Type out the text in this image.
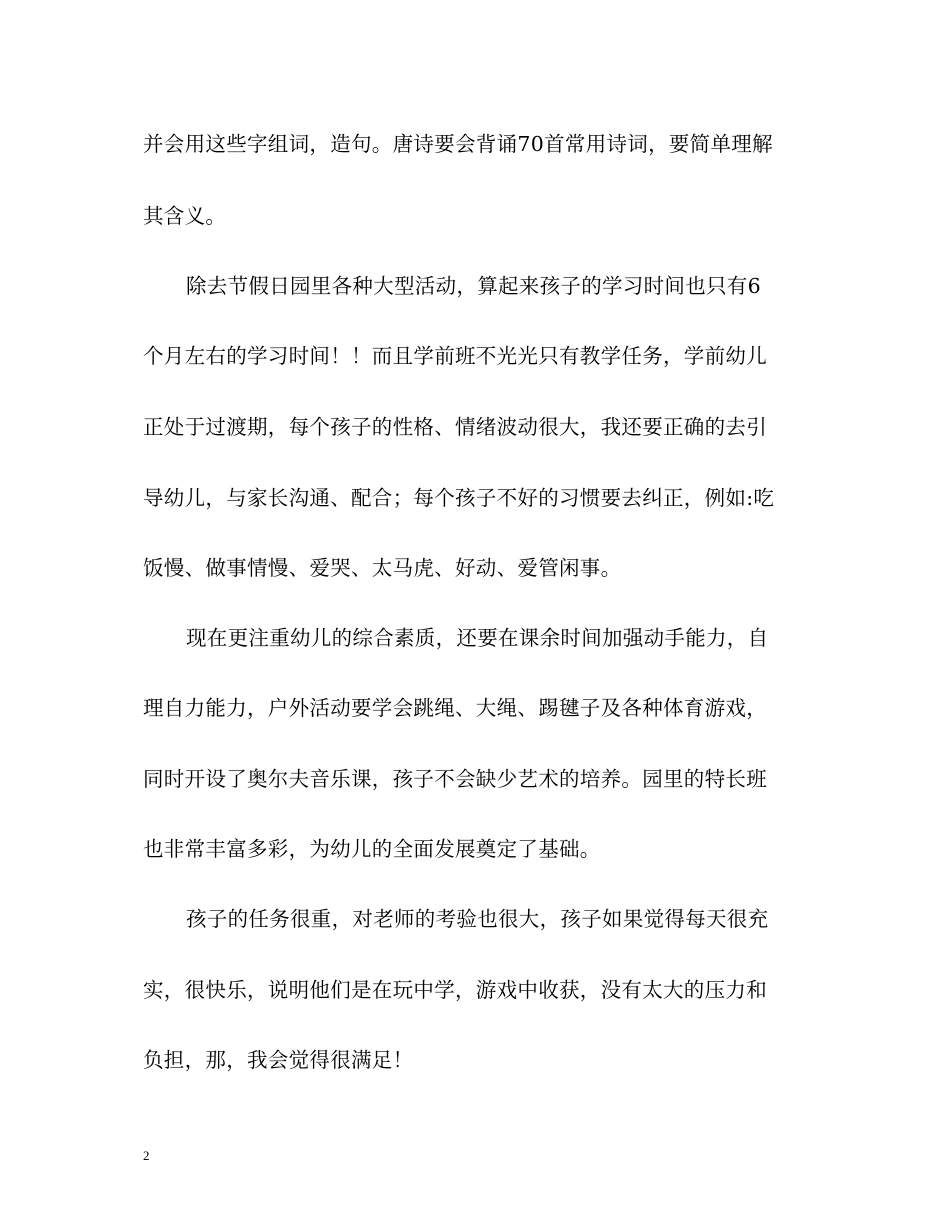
并会用这些字组词，造句。唐诗要会背诵70首常用诗词，要简单理解

其含义。

除去节假日园里各种大型活动，算起来孩子的学习时间也只有6

个月左右的学习时间！！而且学前班不光光只有教学任务，学前幼儿

正处于过渡期，每个孩子的性格、情绪波动很大，我还要正确的去引

导幼儿，与家长沟通、配合；每个孩子不好的习惯要去纠正，例如:吃

饭慢、做事情慢、爱哭、太马虎、好动、爱管闲事。

现在更注重幼儿的综合素质，还要在课余时间加强动手能力，自

理自力能力，户外活动要学会跳绳、大绳、踢毽子及各种体育游戏，

同时开设了奥尔夫音乐课，孩子不会缺少艺术的培养。园里的特长班

也非常丰富多彩，为幼儿的全面发展奠定了基础。

孩子的任务很重，对老师的考验也很大，孩子如果觉得每天很充

实，很快乐，说明他们是在玩中学，游戏中收获，没有太大的压力和

负担，那，我会觉得很满足！

2
